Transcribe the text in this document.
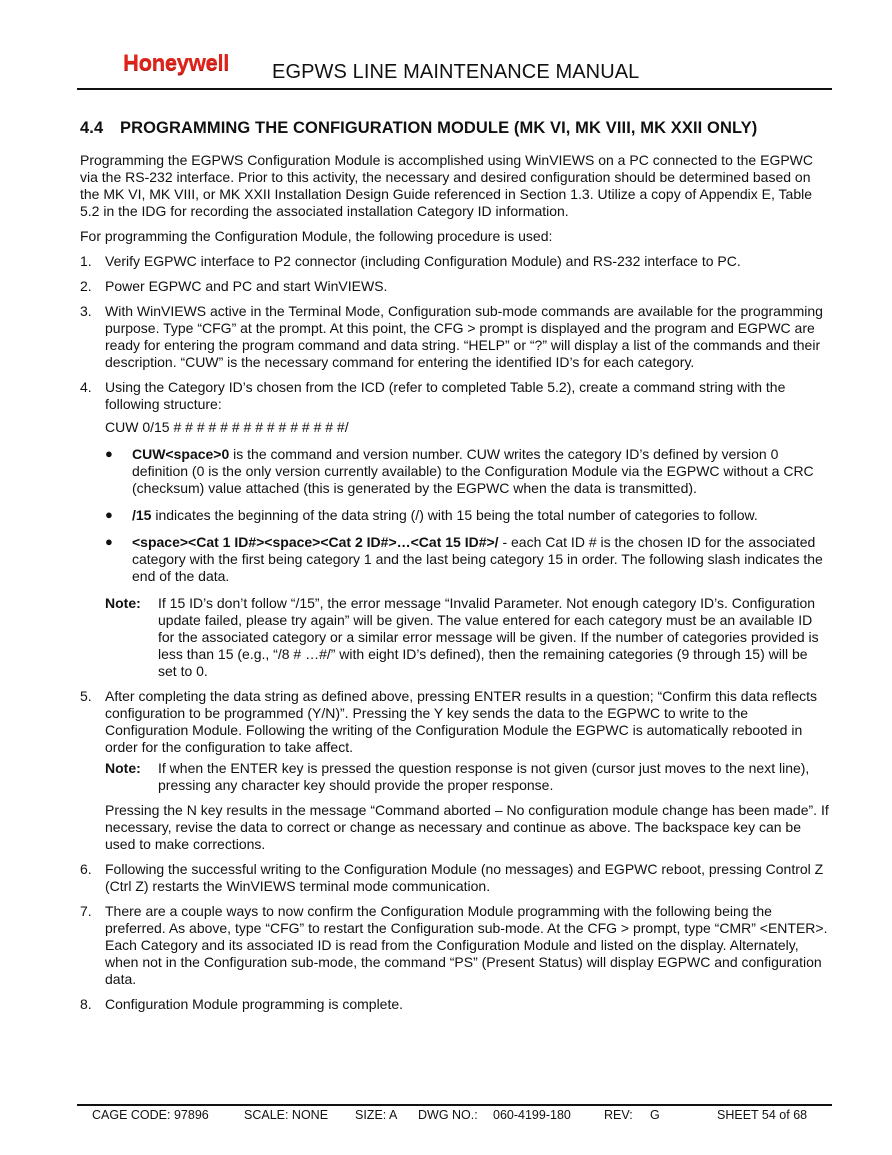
Honeywell EGPWS LINE MAINTENANCE MANUAL
4.4 PROGRAMMING THE CONFIGURATION MODULE (MK VI, MK VIII, MK XXII ONLY)

Programming the EGPWS Configuration Module is accomplished using WinVIEWS on a PC connected to the EGPWC via the RS-232 interface. Prior to this activity, the necessary and desired configuration should be determined based on the MK VI, MK VIII, or MK XXII Installation Design Guide referenced in Section 1.3. Utilize a copy of Appendix E, Table 5.2 in the IDG for recording the associated installation Category ID information.

For programming the Configuration Module, the following procedure is used:

1. Verify EGPWC interface to P2 connector (including Configuration Module) and RS-232 interface to PC.
2. Power EGPWC and PC and start WinVIEWS.
3. With WinVIEWS active in the Terminal Mode, Configuration sub-mode commands are available for the programming purpose. Type “CFG” at the prompt. At this point, the CFG > prompt is displayed and the program and EGPWC are ready for entering the program command and data string. “HELP” or “?” will display a list of the commands and their description. “CUW” is the necessary command for entering the identified ID’s for each category.
4. Using the Category ID’s chosen from the ICD (refer to completed Table 5.2), create a command string with the following structure:
CUW 0/15 # # # # # # # # # # # # # # #/
● CUW<space>0 is the command and version number. CUW writes the category ID’s defined by version 0 definition (0 is the only version currently available) to the Configuration Module via the EGPWC without a CRC (checksum) value attached (this is generated by the EGPWC when the data is transmitted).
● /15 indicates the beginning of the data string (/) with 15 being the total number of categories to follow.
● <space><Cat 1 ID#><space><Cat 2 ID#>…<Cat 15 ID#>/ - each Cat ID # is the chosen ID for the associated category with the first being category 1 and the last being category 15 in order. The following slash indicates the end of the data.
Note: If 15 ID’s don’t follow “/15”, the error message “Invalid Parameter. Not enough category ID’s. Configuration update failed, please try again” will be given. The value entered for each category must be an available ID for the associated category or a similar error message will be given. If the number of categories provided is less than 15 (e.g., “/8 # …#/” with eight ID’s defined), then the remaining categories (9 through 15) will be set to 0.
5. After completing the data string as defined above, pressing ENTER results in a question; “Confirm this data reflects configuration to be programmed (Y/N)”. Pressing the Y key sends the data to the EGPWC to write to the Configuration Module. Following the writing of the Configuration Module the EGPWC is automatically rebooted in order for the configuration to take affect.
Note: If when the ENTER key is pressed the question response is not given (cursor just moves to the next line), pressing any character key should provide the proper response.
Pressing the N key results in the message “Command aborted – No configuration module change has been made”. If necessary, revise the data to correct or change as necessary and continue as above. The backspace key can be used to make corrections.
6. Following the successful writing to the Configuration Module (no messages) and EGPWC reboot, pressing Control Z (Ctrl Z) restarts the WinVIEWS terminal mode communication.
7. There are a couple ways to now confirm the Configuration Module programming with the following being the preferred. As above, type “CFG” to restart the Configuration sub-mode. At the CFG > prompt, type “CMR” <ENTER>. Each Category and its associated ID is read from the Configuration Module and listed on the display. Alternately, when not in the Configuration sub-mode, the command “PS” (Present Status) will display EGPWC and configuration data.
8. Configuration Module programming is complete.
CAGE CODE: 97896	SCALE: NONE SIZE: A DWG NO.: 060-4199-180	REV: G	SHEET 54 of 68
